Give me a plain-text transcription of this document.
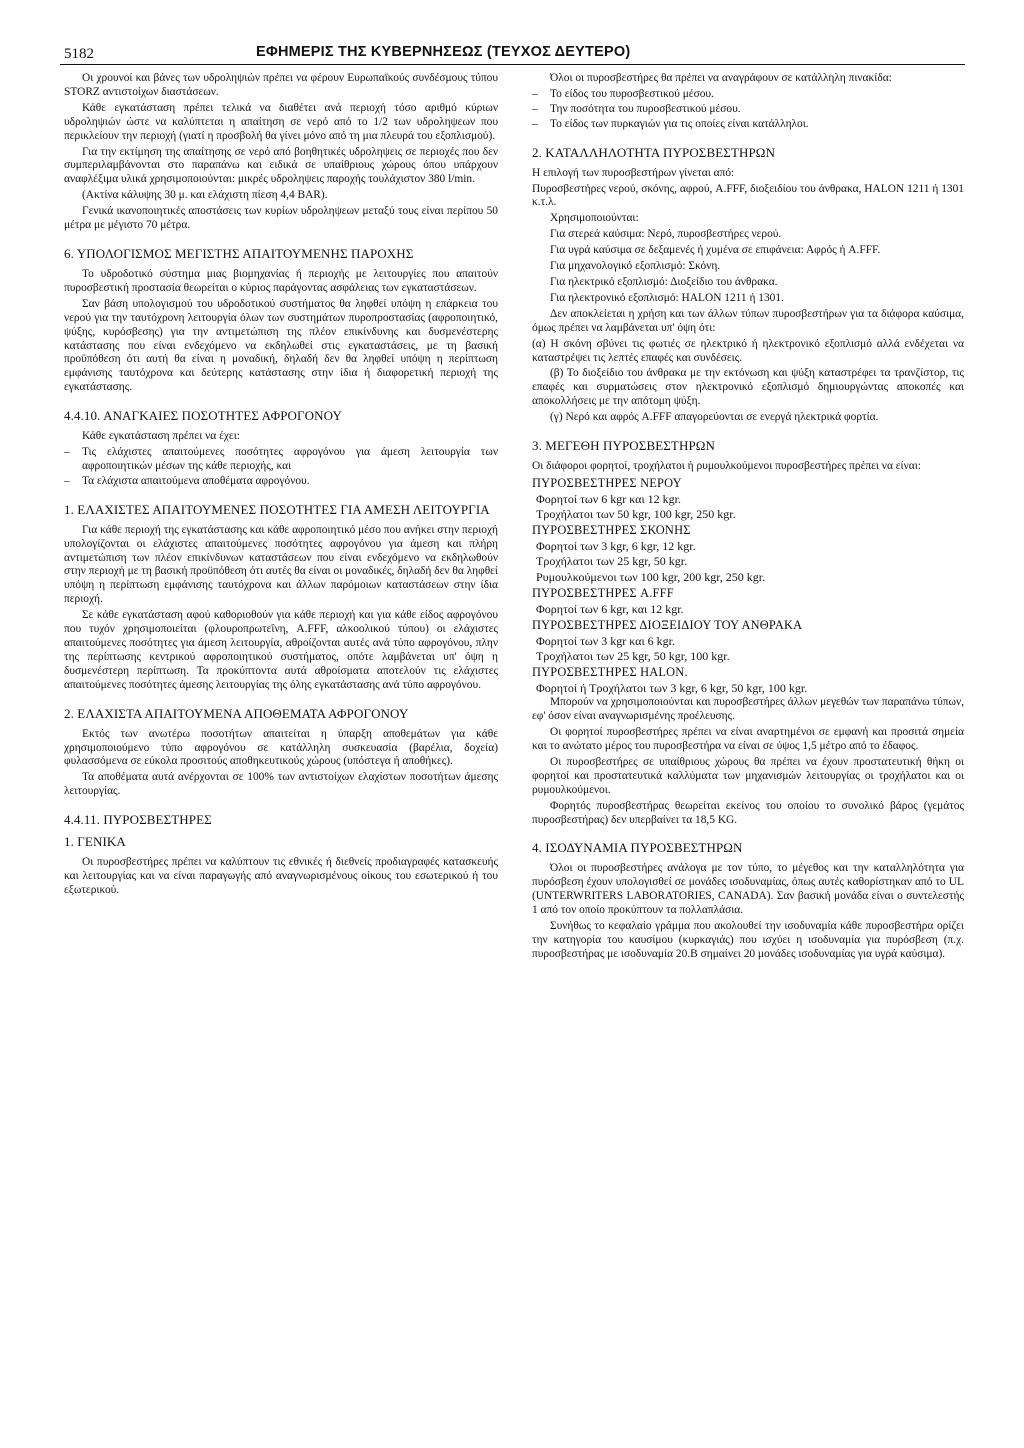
5182	ΕΦΗΜΕΡΙΣ ΤΗΣ ΚΥΒΕΡΝΗΣΕΩΣ (ΤΕΥΧΟΣ ΔΕΥΤΕΡΟ)

Οι χρουνοί και βάνες των υδροληψιών πρέπει να φέρουν Ευρωπαϊκούς συνδέσμους τύπου STORZ αντιστοίχων διαστάσεων.

Κάθε εγκατάσταση πρέπει τελικά να διαθέτει ανά περιοχή τόσο αριθμό κύριων υδροληψιών ώστε να καλύπτεται η απαίτηση σε νερό από το 1/2 των υδροληψεων που περικλείουν την περιοχή (γιατί η προσβολή θα γίνει μόνο από τη μια πλευρά του εξοπλισμού).

Για την εκτίμηση της απαίτησης σε νερό από βοηθητικές υδροληψεις σε περιοχές που δεν συμπεριλαμβάνονται στο παραπάνω και ειδικά σε υπαίθριους χώρους όπου υπάρχουν αναφλέξιμα υλικά χρησιμοποιούνται: μικρές υδροληψεις παροχής τουλάχιστον 380 l/min.

(Ακτίνα κάλυψης 30 μ. και ελάχιστη πίεση 4,4 BAR).

Γενικά ικανοποιητικές αποστάσεις των κυρίων υδροληψεων μεταξύ τους είναι περίπου 50 μέτρα με μέγιστο 70 μέτρα.

6. ΥΠΟΛΟΓΙΣΜΟΣ ΜΕΓΙΣΤΗΣ ΑΠΑΙΤΟΥΜΕΝΗΣ ΠΑΡΟΧΗΣ

Το υδροδοτικό σύστημα μιας βιομηχανίας ή περιοχής με λειτουργίες που απαιτούν πυροσβεστική προστασία θεωρείται ο κύριος παράγοντας ασφάλειας των εγκαταστάσεων.

Σαν βάση υπολογισμού του υδροδοτικού συστήματος θα ληφθεί υπόψη η επάρκεια του νερού για την ταυτόχρονη λειτουργία όλων των συστημάτων πυροπροστασίας (αφροποιητικό, ψύξης, κυρόσβεσης) για την αντιμετώπιση της πλέον επικίνδυνης και δυσμενέστερης κατάστασης που είναι ενδεχόμενο να εκδηλωθεί στις εγκαταστάσεις, με τη βασική προϋπόθεση ότι αυτή θα είναι η μοναδική, δηλαδή δεν θα ληφθεί υπόψη η περίπτωση εμφάνισης ταυτόχρονα και δεύτερης κατάστασης στην ίδια ή διαφορετική περιοχή της εγκατάστασης.

4.4.10. ΑΝΑΓΚΑΙΕΣ ΠΟΣΟΤΗΤΕΣ ΑΦΡΟΓΟΝΟΥ

Κάθε εγκατάσταση πρέπει να έχει:

–	Τις ελάχιστες απαιτούμενες ποσότητες αφρογόνου για άμεση λειτουργία των αφροποιητικών μέσων της κάθε περιοχής, και
–	Τα ελάχιστα απαιτούμενα αποθέματα αφρογόνου.
1. ΕΛΑΧΙΣΤΕΣ ΑΠΑΙΤΟΥΜΕΝΕΣ ΠΟΣΟΤΗΤΕΣ ΓΙΑ ΑΜΕΣΗ ΛΕΙΤΟΥΡΓΙΑ

Για κάθε περιοχή της εγκατάστασης και κάθε αφροποιητικό μέσο που ανήκει στην περιοχή υπολογίζονται οι ελάχιστες απαιτούμενες ποσότητες αφρογόνου για άμεση και πλήρη αντιμετώπιση των πλέον επικίνδυνων καταστάσεων που είναι ενδεχόμενο να εκδηλωθούν στην περιοχή με τη βασική προϋπόθεση ότι αυτές θα είναι οι μοναδικές, δηλαδή δεν θα ληφθεί υπόψη η περίπτωση εμφάνισης ταυτόχρονα και άλλων παρόμοιων καταστάσεων στην ίδια περιοχή.

Σε κάθε εγκατάσταση αφού καθοριοθούν για κάθε περιοχή και για κάθε είδος αφρογόνου που τυχόν χρησιμοποιείται (φλουροπρωτεΐνη, A.FFF, αλκοολικού τύπου) οι ελάχιστες απαιτούμενες ποσότητες για άμεση λειτουργία, αθροίζονται αυτές ανά τύπο αφρογόνου, πλην της περίπτωσης κεντρικού αφροποιητικού συστήματος, οπότε λαμβάνεται υπ' όψη η δυσμενέστερη περίπτωση. Τα προκύπτοντα αυτά αθροίσματα αποτελούν τις ελάχιστες απαιτούμενες ποσότητες άμεσης λειτουργίας της όλης εγκατάστασης ανά τύπο αφρογόνου.

2. ΕΛΑΧΙΣΤΑ ΑΠΑΙΤΟΥΜΕΝΑ ΑΠΟΘΕΜΑΤΑ ΑΦΡΟΓΟΝΟΥ

Εκτός των ανωτέρω ποσοτήτων απαιτείται η ύπαρξη αποθεμάτων για κάθε χρησιμοποιούμενο τύπο αφρογόνου σε κατάλληλη συσκευασία (βαρέλια, δοχεία) φυλασσόμενα σε εύκολα προσιτούς αποθηκευτικούς χώρους (υπόστεγα ή αποθήκες).

Τα αποθέματα αυτά ανέρχονται σε 100% των αντιστοίχων ελαχίστων ποσοτήτων άμεσης λειτουργίας.

4.4.11. ΠΥΡΟΣΒΕΣΤΗΡΕΣ
1. ΓΕΝΙΚΑ

Οι πυροσβεστήρες πρέπει να καλύπτουν τις εθνικές ή διεθνείς προδιαγραφές κατασκευής και λειτουργίας και να είναι παραγωγής από αναγνωρισμένους οίκους του εσωτερικού ή του εξωτερικού.

Όλοι οι πυροσβεστήρες θα πρέπει να αναγράφουν σε κατάλληλη πινακίδα:

–	Το είδος του πυροσβεστικού μέσου.
–	Την ποσότητα του πυροσβεστικού μέσου.
–	Το είδος των πυρκαγιών για τις οποίες είναι κατάλληλοι.
2. ΚΑΤΑΛΛΗΛΟΤΗΤΑ ΠΥΡΟΣΒΕΣΤΗΡΩΝ

Η επιλογή των πυροσβεστήρων γίνεται από:

Πυροσβεστήρες νερού, σκόνης, αφρού, A.FFF, διοξειδίου του άνθρακα, HALON 1211 ή 1301 κ.τ.λ.

Χρησιμοποιούνται:

Για στερεά καύσιμα: Νερό, πυροσβεστήρες νερού.

Για υγρά καύσιμα σε δεξαμενές ή χυμένα σε επιφάνεια: Αφρός ή A.FFF.

Για μηχανολογικό εξοπλισμό: Σκόνη.

Για ηλεκτρικό εξοπλισμό: Διοξείδιο του άνθρακα.

Για ηλεκτρονικό εξοπλισμό: HALON 1211 ή 1301.

Δεν αποκλείεται η χρήση και των άλλων τύπων πυροσβεστήρων για τα διάφορα καύσιμα, όμως πρέπει να λαμβάνεται υπ' όψη ότι:

(α) Η σκόνη σβύνει τις φωτιές σε ηλεκτρικό ή ηλεκτρονικό εξοπλισμό αλλά ενδέχεται να καταστρέψει τις λεπτές επαφές και συνδέσεις.

(β) Το διοξείδιο του άνθρακα με την εκτόνωση και ψύξη καταστρέφει τα τρανζίστορ, τις επαφές και συρματώσεις στον ηλεκτρονικό εξοπλισμό δημιουργώντας αποκοπές και αποκολλήσεις με την απότομη ψύξη.

(γ) Νερό και αφρός A.FFF απαγορεύονται σε ενεργά ηλεκτρικά φορτία.

3. ΜΕΓΕΘΗ ΠΥΡΟΣΒΕΣΤΗΡΩΝ

Οι διάφοροι φορητοί, τροχήλατοι ή ρυμουλκούμενοι πυροσβεστήρες πρέπει να είναι:

ΠΥΡΟΣΒΕΣΤΗΡΕΣ ΝΕΡΟΥ
Φορητοί των 6 kgr και 12 kgr.
Τροχήλατοι των 50 kgr, 100 kgr, 250 kgr.
ΠΥΡΟΣΒΕΣΤΗΡΕΣ ΣΚΟΝΗΣ
Φορητοί των 3 kgr, 6 kgr, 12 kgr.
Τροχήλατοι των 25 kgr, 50 kgr.
Ρυμουλκούμενοι των 100 kgr, 200 kgr, 250 kgr.
ΠΥΡΟΣΒΕΣΤΗΡΕΣ A.FFF
Φορητοί των 6 kgr, και 12 kgr.
ΠΥΡΟΣΒΕΣΤΗΡΕΣ ΔΙΟΞΕΙΔΙΟΥ ΤΟΥ ΑΝΘΡΑΚΑ
Φορητοί των 3 kgr και 6 kgr.
Τροχήλατοι των 25 kgr, 50 kgr, 100 kgr.
ΠΥΡΟΣΒΕΣΤΗΡΕΣ HALON.
Φορητοί ή Τροχήλατοι των 3 kgr, 6 kgr, 50 kgr, 100 kgr.

Μπορούν να χρησιμοποιούνται και πυροσβεστήρες άλλων μεγεθών των παραπάνω τύπων, εφ' όσον είναι αναγνωρισμένης προέλευσης.

Οι φορητοί πυροσβεστήρες πρέπει να είναι αναρτημένοι σε εμφανή και προσιτά σημεία και το ανώτατο μέρος του πυροσβεστήρα να είναι σε ύψος 1,5 μέτρο από το έδαφος.

Οι πυροσβεστήρες σε υπαίθριους χώρους θα πρέπει να έχουν προστατευτική θήκη οι φορητοί και προστατευτικά καλλύματα των μηχανισμών λειτουργίας οι τροχήλατοι και οι ρυμουλκούμενοι.

Φορητός πυροσβεστήρας θεωρείται εκείνος του οποίου το συνολικό βάρος (γεμάτος πυροσβεστήρας) δεν υπερβαίνει τα 18,5 KG.

4. ΙΣΟΔΥΝΑΜΙΑ ΠΥΡΟΣΒΕΣΤΗΡΩΝ

Όλοι οι πυροσβεστήρες ανάλογα με τον τύπο, το μέγεθος και την καταλληλότητα για πυρόσβεση έχουν υπολογισθεί σε μονάδες ισοδυναμίας, όπως αυτές καθορίστηκαν από το UL (UNTERWRITERS LABORATORIES, CANADA). Σαν βασική μονάδα είναι ο συντελεστής 1 από τον οποίο προκύπτουν τα πολλαπλάσια.

Συνήθως το κεφαλαίο γράμμα που ακολουθεί την ισοδυναμία κάθε πυροσβεστήρα ορίζει την κατηγορία του καυσίμου (κυρκαγιάς) που ισχύει η ισοδυναμία για πυρόσβεση (π.χ. πυροσβεστήρας με ισοδυναμία 20.B σημαίνει 20 μονάδες ισοδυναμίας για υγρά καύσιμα).
